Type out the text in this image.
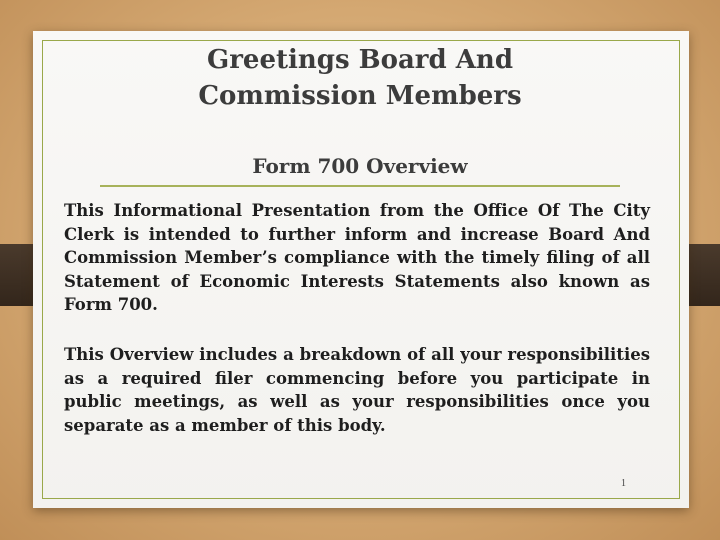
Greetings Board And
Commission Members
Form 700 Overview

This Informational Presentation from the Office Of The City Clerk is intended to further inform and increase Board And Commission Member’s compliance with the timely filing of all Statement of Economic Interests Statements also known as Form 700.

This Overview includes a breakdown of all your responsibilities as a required filer commencing before you participate in public meetings, as well as your responsibilities once you separate as a member of this body.

1
